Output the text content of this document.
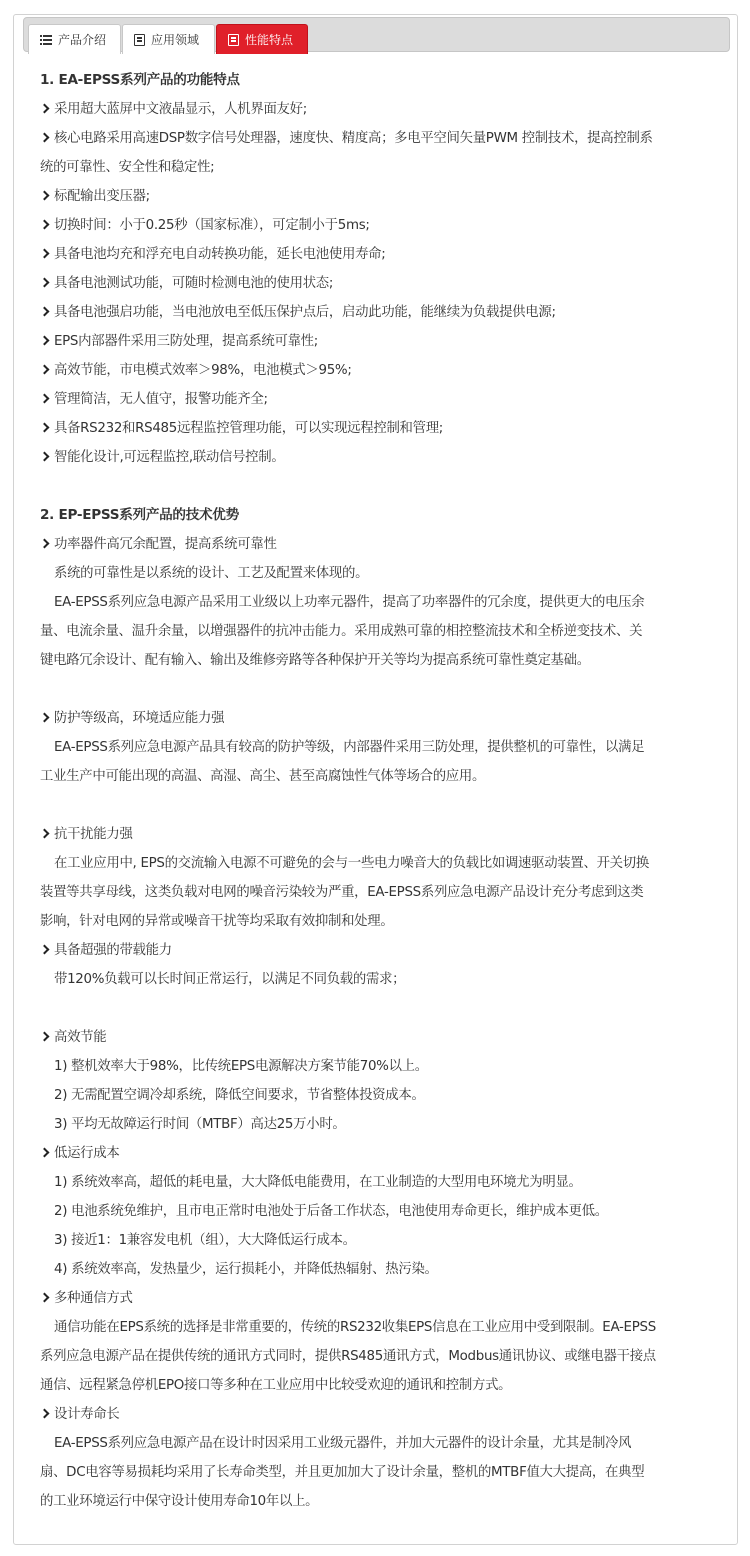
产品介绍	应用领域	性能特点
1. EA-EPSS系列产品的功能特点
采用超大蓝屏中文液晶显示，人机界面友好;
核心电路采用高速DSP数字信号处理器，速度快、精度高；多电平空间矢量PWM 控制技术，提高控制系
统的可靠性、安全性和稳定性;
标配输出变压器;
切换时间：小于0.25秒（国家标准），可定制小于5ms;
具备电池均充和浮充电自动转换功能，延长电池使用寿命;
具备电池测试功能，可随时检测电池的使用状态;
具备电池强启功能，当电池放电至低压保护点后，启动此功能，能继续为负载提供电源;
EPS内部器件采用三防处理，提高系统可靠性;
高效节能，市电模式效率＞98%，电池模式＞95%;
管理简洁，无人值守，报警功能齐全;
具备RS232和RS485远程监控管理功能，可以实现远程控制和管理;
智能化设计,可远程监控,联动信号控制。
2. EP-EPSS系列产品的技术优势
功率器件高冗余配置，提高系统可靠性
系统的可靠性是以系统的设计、工艺及配置来体现的。
EA-EPSS系列应急电源产品采用工业级以上功率元器件，提高了功率器件的冗余度，提供更大的电压余
量、电流余量、温升余量，以增强器件的抗冲击能力。采用成熟可靠的相控整流技术和全桥逆变技术、关
键电路冗余设计、配有输入、输出及维修旁路等各种保护开关等均为提高系统可靠性奠定基础。
防护等级高，环境适应能力强
EA-EPSS系列应急电源产品具有较高的防护等级，内部器件采用三防处理，提供整机的可靠性，以满足
工业生产中可能出现的高温、高湿、高尘、甚至高腐蚀性气体等场合的应用。
抗干扰能力强
在工业应用中, EPS的交流输入电源不可避免的会与一些电力噪音大的负载比如调速驱动装置、开关切换
装置等共享母线，这类负载对电网的噪音污染较为严重，EA-EPSS系列应急电源产品设计充分考虑到这类
影响，针对电网的异常或噪音干扰等均采取有效抑制和处理。
具备超强的带载能力
带120%负载可以长时间正常运行，以满足不同负载的需求；
高效节能
1) 整机效率大于98%，比传统EPS电源解决方案节能70%以上。
2) 无需配置空调冷却系统，降低空间要求，节省整体投资成本。
3) 平均无故障运行时间（MTBF）高达25万小时。
低运行成本
1) 系统效率高，超低的耗电量，大大降低电能费用，在工业制造的大型用电环境尤为明显。
2) 电池系统免维护，且市电正常时电池处于后备工作状态，电池使用寿命更长，维护成本更低。
3) 接近1：1兼容发电机（组），大大降低运行成本。
4) 系统效率高，发热量少，运行损耗小，并降低热辐射、热污染。
多种通信方式
通信功能在EPS系统的选择是非常重要的，传统的RS232收集EPS信息在工业应用中受到限制。EA-EPSS
系列应急电源产品在提供传统的通讯方式同时，提供RS485通讯方式，Modbus通讯协议、或继电器干接点
通信、远程紧急停机EPO接口等多种在工业应用中比较受欢迎的通讯和控制方式。
设计寿命长
EA-EPSS系列应急电源产品在设计时因采用工业级元器件，并加大元器件的设计余量，尤其是制冷风
扇、DC电容等易损耗均采用了长寿命类型，并且更加加大了设计余量，整机的MTBF值大大提高，在典型
的工业环境运行中保守设计使用寿命10年以上。
